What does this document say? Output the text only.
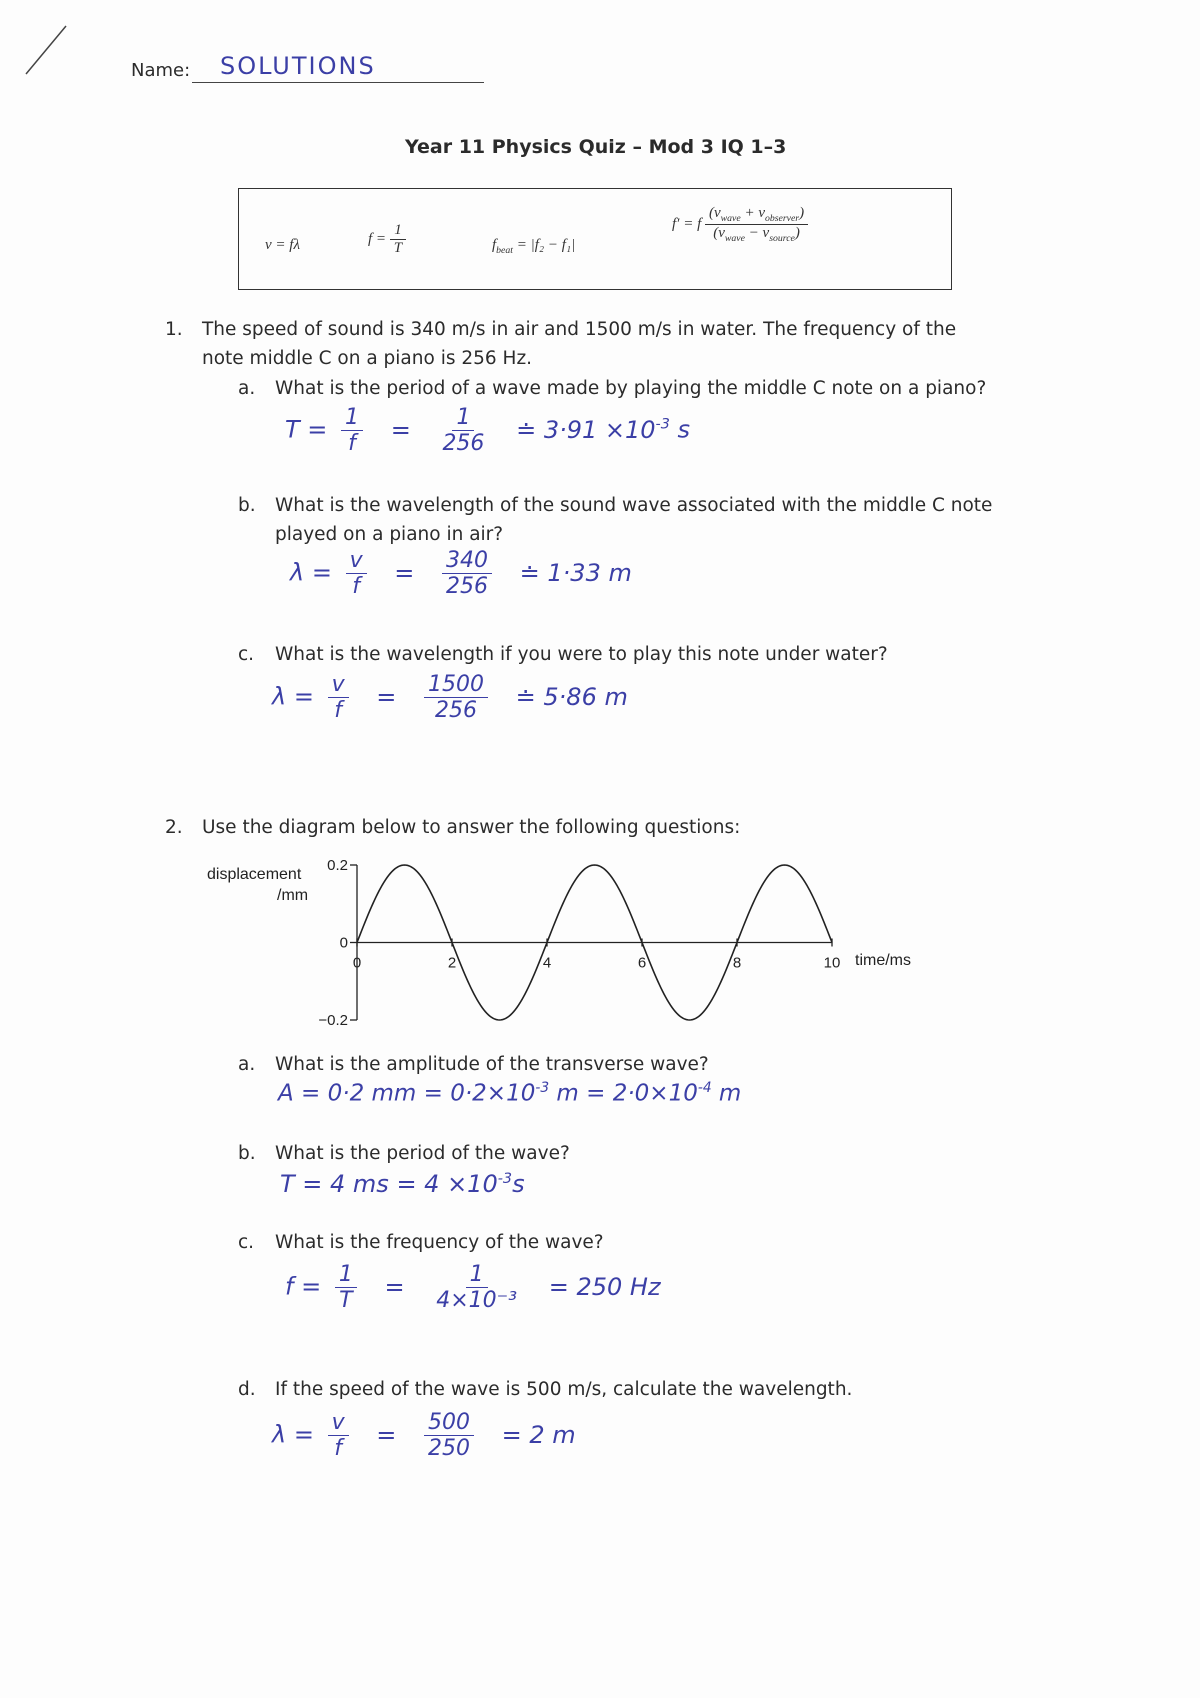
Name: SOLUTIONS
Year 11 Physics Quiz – Mod 3 IQ 1–3
v = fλ	$f = \frac{1}{T}$	$f_{beat} = |f_2 - f_1|$
f′ = f $\frac{(v_{wave} + v_{observer})}{(v_{wave} - v_{source})}$
1. The speed of sound is 340 m/s in air and 1500 m/s in water. The frequency of the note middle C on a piano is 256 Hz.
a. What is the period of a wave made by playing the middle C note on a piano?
$T = \frac{1}{f} = \frac{1}{256}$ ≐ $3\cdot 91 \times 10^{-3}$ s
b. What is the wavelength of the sound wave associated with the middle C note played on a piano in air?
$\lambda = \frac{v}{f} = \frac{340}{256}$ ≐ 1·33 m
c. What is the wavelength if you were to play this note under water?
$\lambda = \frac{v}{f} = \frac{1500}{256}$ ≐ 5·86 m
2. Use the diagram below to answer the following questions:
displacement
/mm
time/ms
0.2
0
−0.2
0	2	4	6	8	10
a. What is the amplitude of the transverse wave?
A = 0·2 mm = $0\cdot 2\times 10^{-3}$ $m = 2\cdot 0\times 10^{-4}$ m
b. What is the period of the wave?
T = 4 ms = $4 \times 10^{-3}s$
c. What is the frequency of the wave?
$f = \frac{1}{T} = \frac{1}{\text{4×10⁻³}} = 250$ Hz
d. If the speed of the wave is 500 m/s, calculate the wavelength.
$\lambda = \frac{v}{f} = \frac{500}{250} = 2$ m
